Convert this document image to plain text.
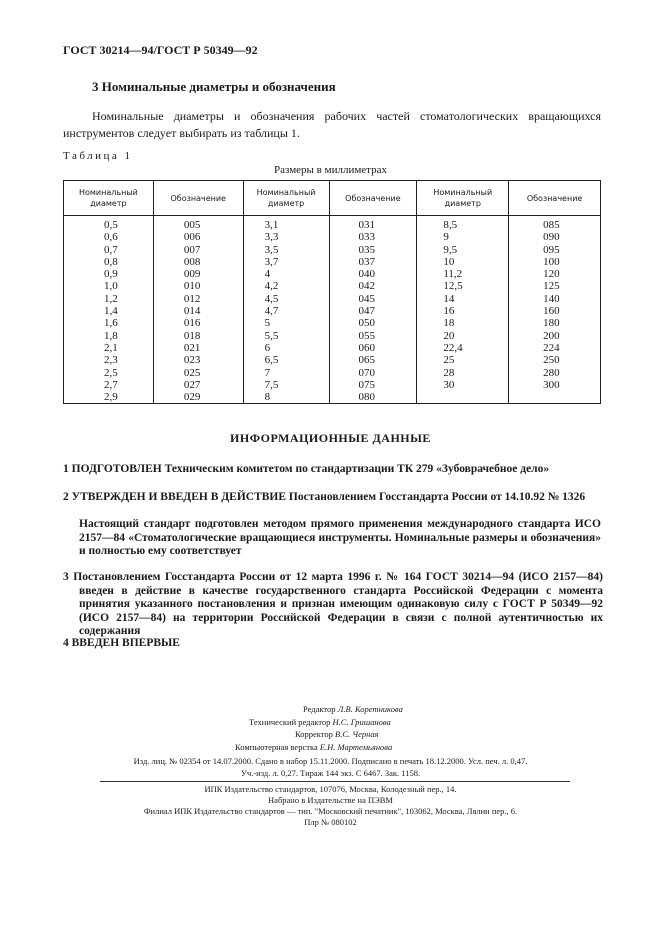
ГОСТ 30214—94/ГОСТ Р 50349—92
3 Номинальные диаметры и обозначения
Номинальные диаметры и обозначения рабочих частей стоматологических вращающихся инструментов следует выбирать из таблицы 1.
Таблица 1
Размеры в миллиметрах
Номинальный диаметр	Обозначение	Номинальный диаметр	Обозначение	Номинальный диаметр	Обозначение
0,5	005	3,1	031	8,5	085
0,6	006	3,3	033	9	090
0,7	007	3,5	035	9,5	095
0,8	008	3,7	037	10	100
0,9	009	4	040	11,2	120
1,0	010	4,2	042	12,5	125
1,2	012	4,5	045	14	140
1,4	014	4,7	047	16	160
1,6	016	5	050	18	180
1,8	018	5,5	055	20	200
2,1	021	6	060	22,4	224
2,3	023	6,5	065	25	250
2,5	025	7	070	28	280
2,7	027	7,5	075	30	300
2,9	029	8	080		
ИНФОРМАЦИОННЫЕ ДАННЫЕ
1 ПОДГОТОВЛЕН Техническим комитетом по стандартизации ТК 279 «Зубоврачебное дело»
2 УТВЕРЖДЕН И ВВЕДЕН В ДЕЙСТВИЕ Постановлением Госстандарта России от 14.10.92 № 1326
Настоящий стандарт подготовлен методом прямого применения международного стандарта ИСО 2157—84 «Стоматологические вращающиеся инструменты. Номинальные размеры и обозначения» и полностью ему соответствует
3 Постановлением Госстандарта России от 12 марта 1996 г. № 164 ГОСТ 30214—94 (ИСО 2157—84) введен в действие в качестве государственного стандарта Российской Федерации с момента принятия указанного постановления и признан имеющим одинаковую силу с ГОСТ Р 50349—92 (ИСО 2157—84) на территории Российской Федерации в связи с полной аутентичностью их содержания
4 ВВЕДЕН ВПЕРВЫЕ
Редактор Л.В. Коретникова
Технический редактор Н.С. Гришанова
Корректор В.С. Черная
Компьютерная верстка Е.Н. Мартемьянова
Изд. лиц. № 02354 от 14.07.2000. Сдано в набор 15.11.2000. Подписано в печать 18.12.2000. Усл. печ. л. 0,47.
Уч.-изд. л. 0,27. Тираж 144 экз. С 6467. Зак. 1158.
ИПК Издательство стандартов, 107076, Москва, Колодезный пер., 14.
Набрано в Издательстве на ПЭВМ
Филиал ИПК Издательство стандартов — тип. "Московский печатник", 103062, Москва, Лялин пер., 6.
Плр № 080102
